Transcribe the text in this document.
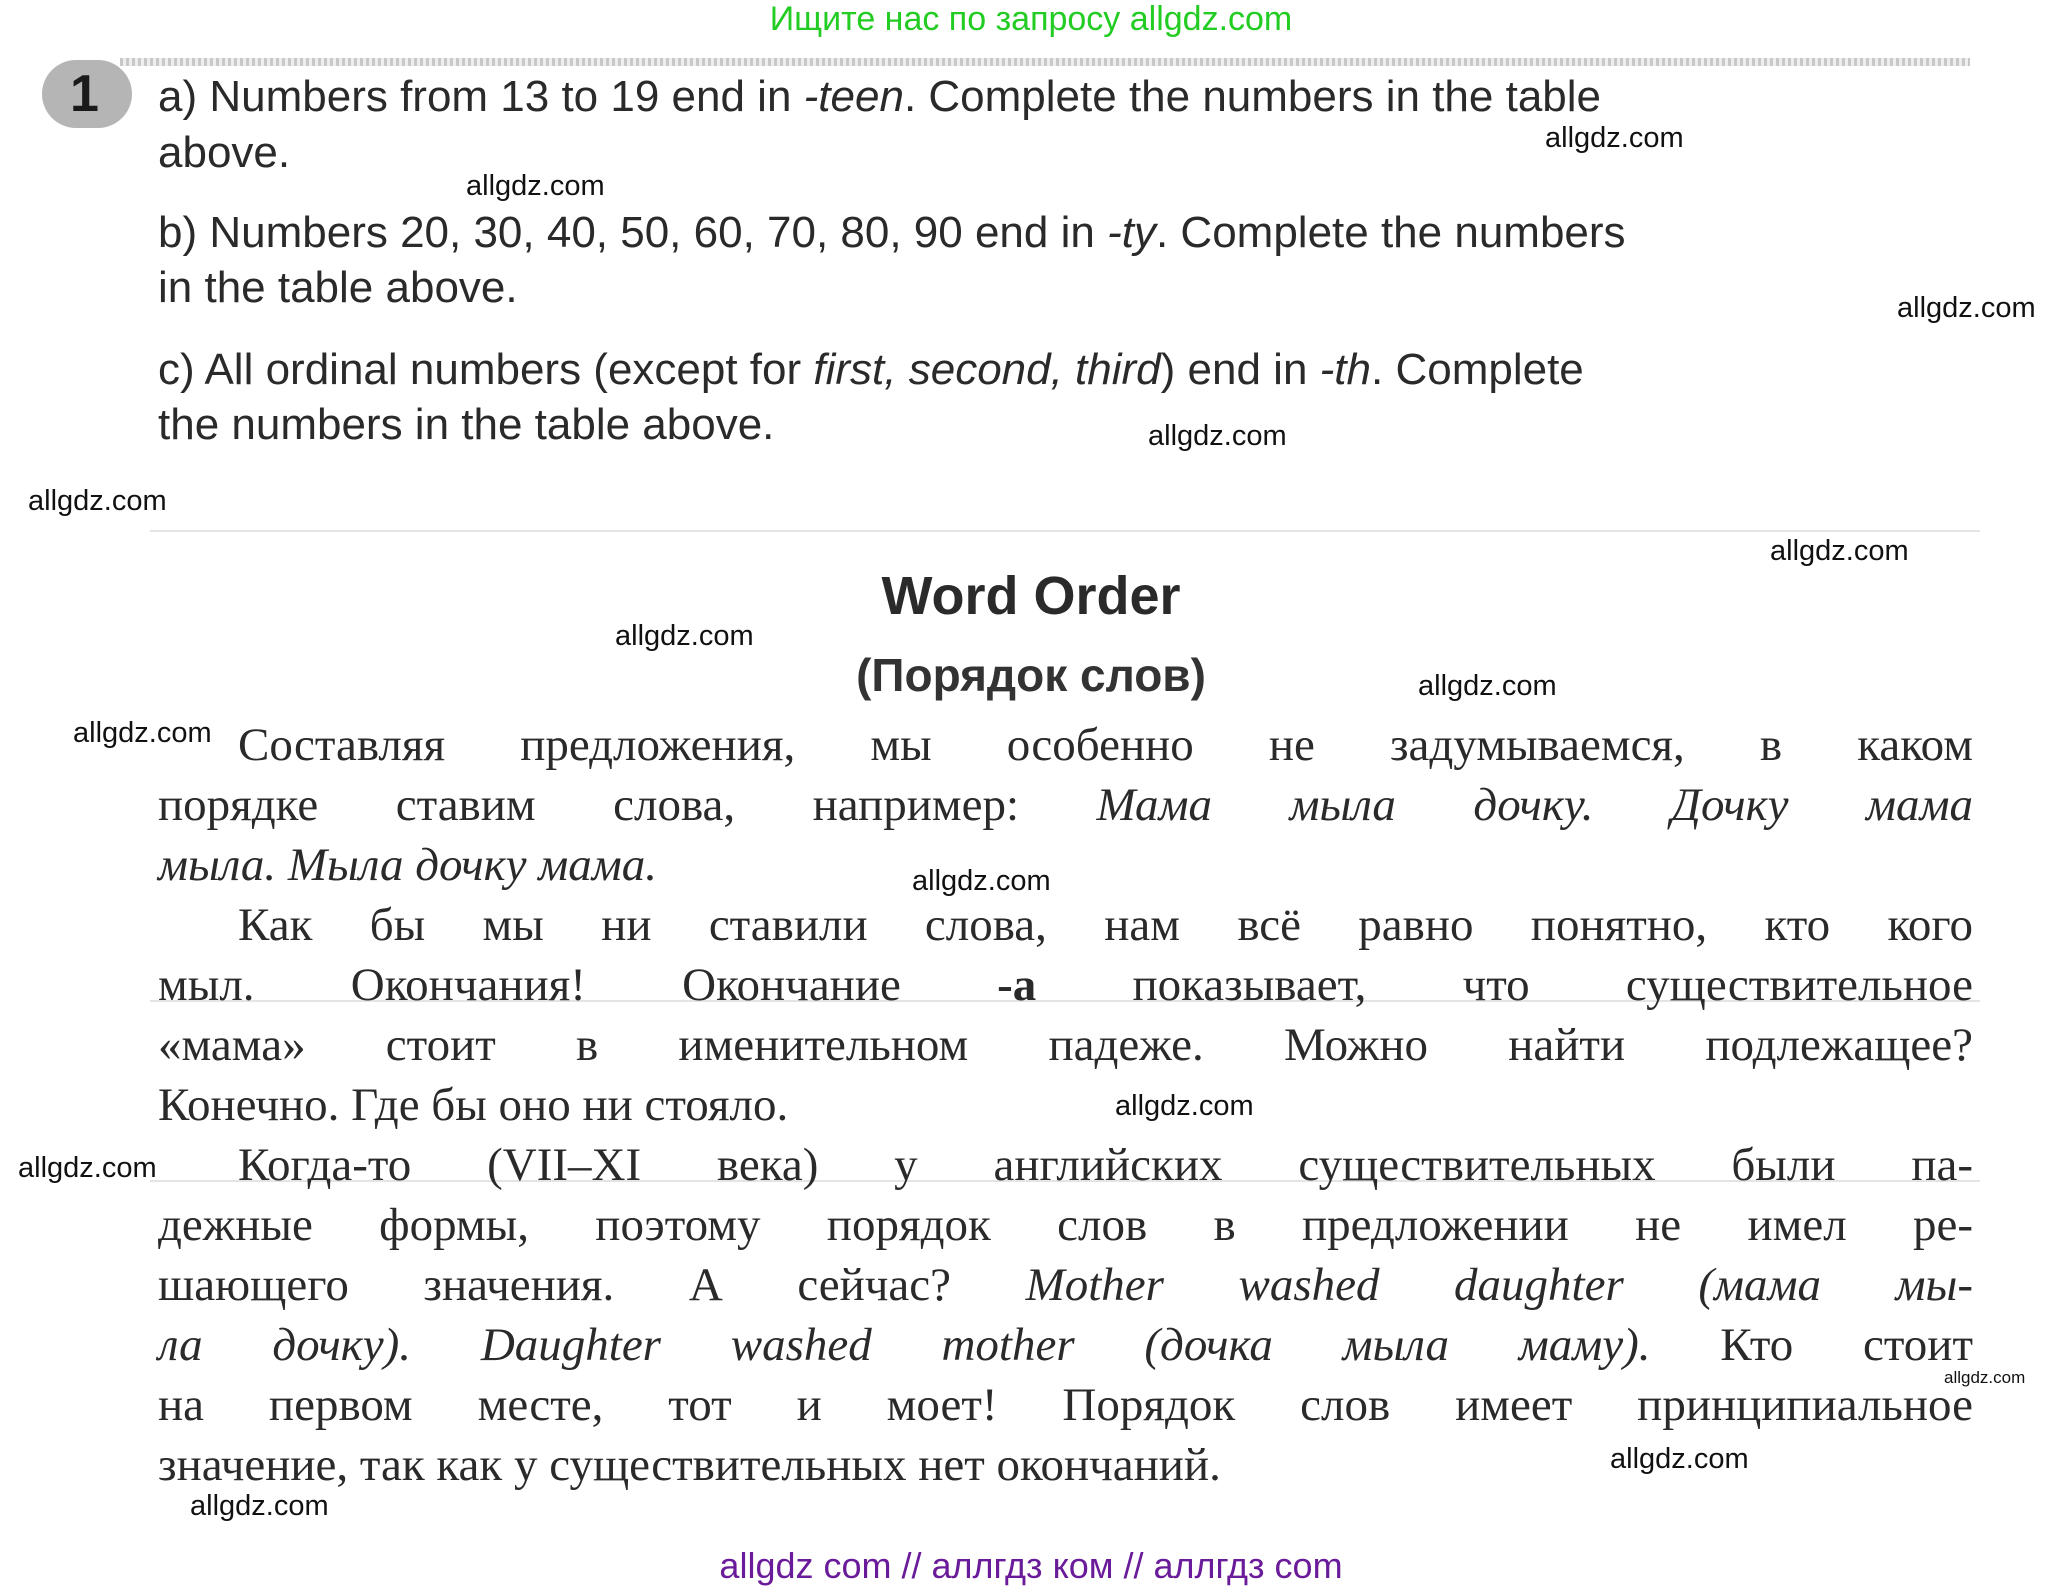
Ищите нас по запросу allgdz.com
1 a) Numbers from 13 to 19 end in -teen. Complete the numbers in the table
above.
b) Numbers 20, 30, 40, 50, 60, 70, 80, 90 end in -ty. Complete the numbers
in the table above.
c) All ordinal numbers (except for first, second, third) end in -th. Complete
the numbers in the table above.
Word Order
(Порядок слов)
Составляя предложения, мы особенно не задумываемся, в каком
порядке ставим слова, например: Мама мыла дочку. Дочку мама
мыла. Мыла дочку мама.
Как бы мы ни ставили слова, нам всё равно понятно, кто кого
мыл. Окончания! Окончание -а показывает, что существительное
«мама» стоит в именительном падеже. Можно найти подлежащее?
Конечно. Где бы оно ни стояло.
Когда-то (VII–XI века) у английских существительных были па-
дежные формы, поэтому порядок слов в предложении не имел ре-
шающего значения. А сейчас? Mother washed daughter (мама мы-
ла дочку). Daughter washed mother (дочка мыла маму). Кто стоит
на первом месте, тот и моет! Порядок слов имеет принципиальное
значение, так как у существительных нет окончаний.
allgdz.com
allgdz.com
allgdz.com
allgdz.com
allgdz.com
allgdz.com
allgdz.com
allgdz.com
allgdz.com
allgdz.com
allgdz.com
allgdz.com
allgdz.com
allgdz.com
allgdz.com
allgdz com // аллгдз ком // аллгдз com
